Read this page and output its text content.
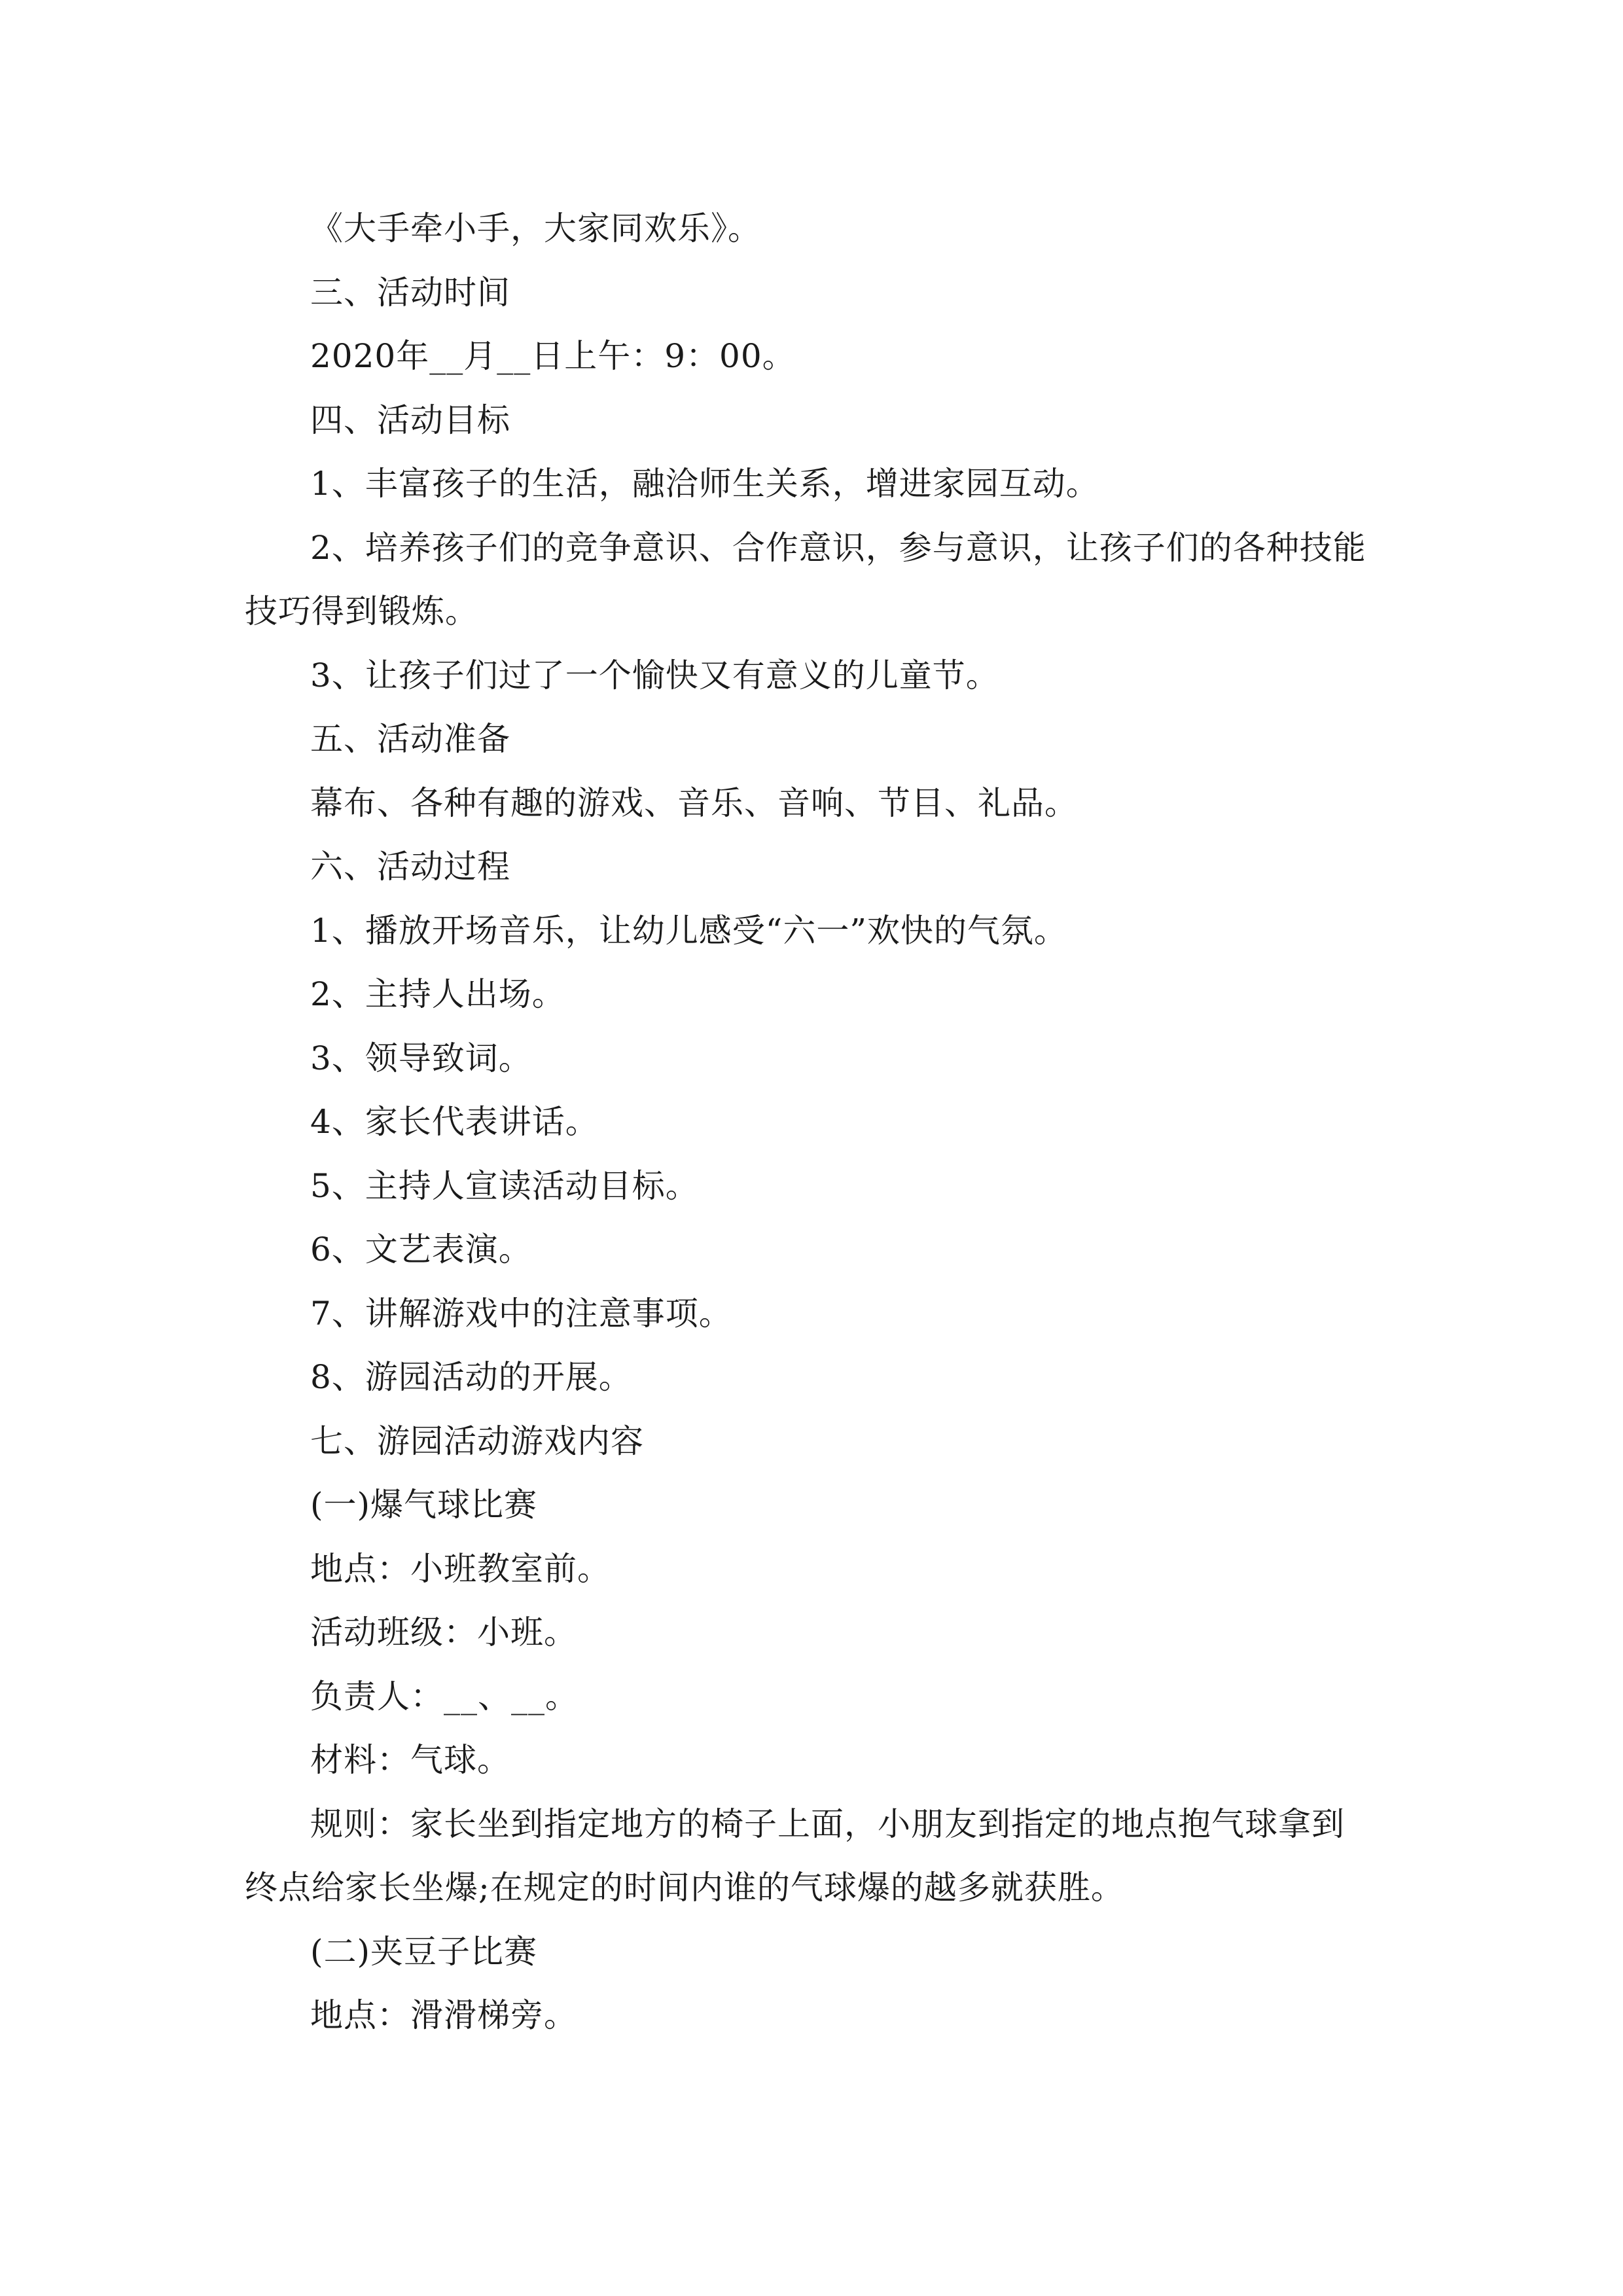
《大手牵小手，大家同欢乐》。
三、活动时间
2020年__月__日上午：9：00。
四、活动目标
1、丰富孩子的生活，融洽师生关系，增进家园互动。
2、培养孩子们的竞争意识、合作意识，参与意识，让孩子们的各种技能技巧得到锻炼。
3、让孩子们过了一个愉快又有意义的儿童节。
五、活动准备
幕布、各种有趣的游戏、音乐、音响、节目、礼品。
六、活动过程
1、播放开场音乐，让幼儿感受“六一”欢快的气氛。
2、主持人出场。
3、领导致词。
4、家长代表讲话。
5、主持人宣读活动目标。
6、文艺表演。
7、讲解游戏中的注意事项。
8、游园活动的开展。
七、游园活动游戏内容
(一)爆气球比赛
地点：小班教室前。
活动班级：小班。
负责人：__、__。
材料：气球。
规则：家长坐到指定地方的椅子上面，小朋友到指定的地点抱气球拿到终点给家长坐爆;在规定的时间内谁的气球爆的越多就获胜。
(二)夹豆子比赛
地点：滑滑梯旁。
